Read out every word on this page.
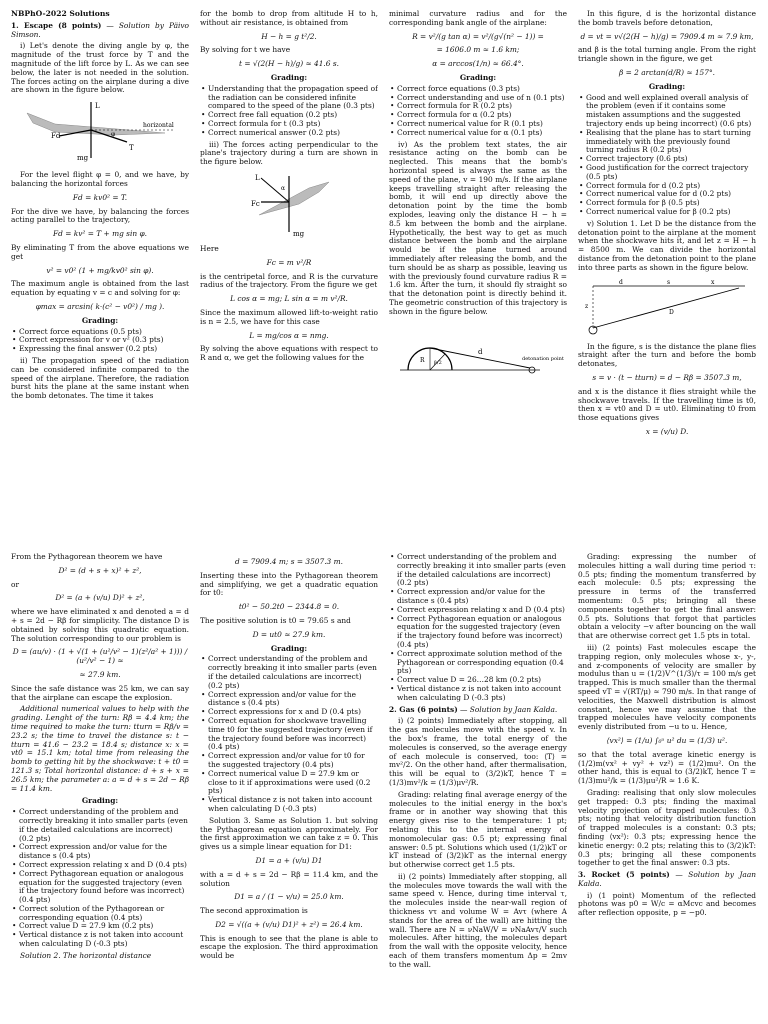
NBPhO-2022 Solutions

1. Escape (8 points) — Solution by Päivo Simson.

i) Let's denote the diving angle by φ, the magnitude of the trust force by T and the magnitude of the lift force by L. As we can see below, the later is not needed in the solution. The forces acting on the airplane during a dive are shown in the figure below.

L
Fd
horizontal
φ
mg
T

For the level flight φ = 0, and we have, by balancing the horizontal forces

Fd = kv0² = T.

For the dive we have, by balancing the forces acting parallel to the trajectory,

Fd = kv² = T + mg sin φ.

By eliminating T from the above equations we get

v² = v0² (1 + mg/kv0² sin φ).

The maximum angle is obtained from the last equation by equating v = c and solving for φ:

φmax = arcsin( k·(c² − v0²) / mg ).
Grading:
• Correct force equations (0.5 pts)
• Correct expression for v or v² (0.3 pts)
• Expressing the final answer (0.2 pts)

ii) The propagation speed of the radiation can be considered infinite compared to the speed of the airplane. Therefore, the radiation burst hits the plane at the same instant when the bomb detonates. The time it takes

for the bomb to drop from altitude H to h, without air resistance, is obtained from

H − h = g t²/2.

By solving for t we have

t = √(2(H − h)/g) ≈ 41.6 s.
Grading:
• Understanding that the propagation speed of the radiation can be considered infinite compared to the speed of the plane (0.3 pts)
• Correct free fall equation (0.2 pts)
• Correct formula for t (0.3 pts)
• Correct numerical answer (0.2 pts)

iii) The forces acting perpendicular to the plane's trajectory during a turn are shown in the figure below.

L
Fc
α
mg

Here

Fc = m v²/R

is the centripetal force, and R is the curvature radius of the trajectory. From the figure we get

L cos α = mg; L sin α = m v²/R.

Since the maximum allowed lift-to-weight ratio is n = 2.5, we have for this case

L = mg/cos α = nmg.

By solving the above equations with respect to R and α, we get the following values for the

minimal curvature radius and for the corresponding bank angle of the airplane:

R = v²/(g tan α) = v²/(g√(n² − 1)) =
= 1606.0 m ≈ 1.6 km;
α = arccos(1/n) ≈ 66.4°.
Grading:
• Correct force equations (0.3 pts)
• Correct understanding and use of n (0.1 pts)
• Correct formula for R (0.2 pts)
• Correct formula for α (0.2 pts)
• Correct numerical value for R (0.1 pts)
• Correct numerical value for α (0.1 pts)

iv) As the problem text states, the air resistance acting on the bomb can be neglected. This means that the bomb's horizontal speed is always the same as the speed of the plane, v = 190 m/s. If the airplane keeps travelling straight after releasing the bomb, it will end up directly above the detonation point by the time the bomb explodes, leaving only the distance H − h = 8.5 km between the bomb and the airplane. Hypothetically, the best way to get as much distance between the bomb and the airplane would be if the plane turned around immediately after releasing the bomb, and the turn should be as sharp as possible, leaving us with the previously found curvature radius R = 1.6 km. After the turn, it should fly straight so that the detonation point is directly behind it. The geometric construction of this trajectory is shown in the figure below.

R β/2
d
detonation point

In this figure, d is the horizontal distance the bomb travels before detonation,

d = vt = v√(2(H − h)/g) = 7909.4 m ≈ 7.9 km,

and β is the total turning angle. From the right triangle shown in the figure, we get

β = 2 arctan(d/R) ≈ 157°.
Grading:
• Good and well explained overall analysis of the problem (even if it contains some mistaken assumptions and the suggested trajectory ends up being incorrect) (0.6 pts)
• Realising that the plane has to start turning immediately with the previously found turning radius R (0.2 pts)
• Correct trajectory (0.6 pts)
• Good justification for the correct trajectory (0.5 pts)
• Correct formula for d (0.2 pts)
• Correct numerical value for d (0.2 pts)
• Correct formula for β (0.5 pts)
• Correct numerical value for β (0.2 pts)

v) Solution 1. Let D be the distance from the detonation point to the airplane at the moment when the shockwave hits it, and let z = H − h = 8500 m. We can divide the horizontal distance from the detonation point to the plane into three parts as shown in the figure below.

d	s	x
z
D

In the figure, s is the distance the plane flies straight after the turn and before the bomb detonates,

s = v · (t − tturn) = d − Rβ = 3507.3 m,

and x is the distance it flies straight while the shockwave travels. If the travelling time is t0, then x = vt0 and D = ut0. Eliminating t0 from those equations gives

x = (v/u) D.

From the Pythagorean theorem we have

D² = (d + s + x)² + z²,

or

D² = (a + (v/u) D)² + z²,

where we have eliminated x and denoted a = d + s = 2d − Rβ for simplicity. The distance D is obtained by solving this quadratic equation. The solution corresponding to our problem is

D = (au/v) · (1 + √(1 + (u²/v² − 1)(z²/a² + 1))) / (u²/v² − 1) ≈
≈ 27.9 km.

Since the safe distance was 25 km, we can say that the airplane can escape the explosion.

Additional numerical values to help with the grading. Lenght of the turn: Rβ = 4.4 km; the time required to make the turn: tturn = Rβ/v = 23.2 s; the time to travel the distance s: t − tturn = 41.6 − 23.2 = 18.4 s; distance x: x = vt0 = 15.1 km; total time from releasing the bomb to getting hit by the shockwave: t + t0 = 121.3 s; Total horizontal distance: d + s + x = 26.5 km; the parameter a: a = d + s = 2d − Rβ = 11.4 km.

Grading:
• Correct understanding of the problem and correctly breaking it into smaller parts (even if the detailed calculations are incorrect) (0.2 pts)
• Correct expression and/or value for the distance s (0.4 pts)
• Correct expression relating x and D (0.4 pts)
• Correct Pythagorean equation or analogous equation for the suggested trajectory (even if the trajectory found before was incorrect) (0.4 pts)
• Correct solution of the Pythagorean or corresponding equation (0.4 pts)
• Correct value D = 27.9 km (0.2 pts)
• Vertical distance z is not taken into account when calculating D (-0.3 pts)

Solution 2. The horizontal distance

d = 7909.4 m; s = 3507.3 m.

Inserting these into the Pythagorean theorem and simplifying, we get a quadratic equation for t0:

t0² − 50.2t0 − 2344.8 = 0.

The positive solution is t0 = 79.65 s and

D = ut0 ≈ 27.9 km.
Grading:
• Correct understanding of the problem and correctly breaking it into smaller parts (even if the detailed calculations are incorrect) (0.2 pts)
• Correct expression and/or value for the distance s (0.4 pts)
• Correct expressions for x and D (0.4 pts)
• Correct equation for shockwave travelling time t0 for the suggested trajectory (even if the trajectory found before was incorrect) (0.4 pts)
• Correct expression and/or value for t0 for the suggested trajectory (0.4 pts)
• Correct numerical value D = 27.9 km or close to it if approximations were used (0.2 pts)
• Vertical distance z is not taken into account when calculating D (-0.3 pts)

Solution 3. Same as Solution 1. but solving the Pythagorean equation approximately. For the first approximation we can take z = 0. This gives us a simple linear equation for D1:

D1 = a + (v/u) D1

with a = d + s = 2d − Rβ = 11.4 km, and the solution

D1 = a / (1 − v/u) = 25.0 km.

The second approximation is

D2 = √((a + (v/u) D1)² + z²) = 26.4 km.

This is enough to see that the plane is able to escape the explosion. The third approximation would be

• Correct understanding of the problem and correctly breaking it into smaller parts (even if the detailed calculations are incorrect) (0.2 pts)
• Correct expression and/or value for the distance s (0.4 pts)
• Correct expression relating x and D (0.4 pts)
• Correct Pythagorean equation or analogous equation for the suggested trajectory (even if the trajectory found before was incorrect) (0.4 pts)
• Correct approximate solution method of the Pythagorean or corresponding equation (0.4 pts)
• Correct value D = 26…28 km (0.2 pts)
• Vertical distance z is not taken into account when calculating D (-0.3 pts)

2. Gas (6 points) — Solution by Jaan Kalda.

i) (2 points) Immediately after stopping, all the gas molecules move with the speed v. In the box's frame, the total energy of the molecules is conserved, so the average energy of each molecule is conserved, too: ⟨T⟩ = mv²/2. On the other hand, after thermalisation, this will be equal to (3/2)kT, hence T = (1/3)mv²/k = (1/3)μv²/R.

Grading: relating final average energy of the molecules to the initial energy in the box's frame or in another way showing that this energy gives rise to the temperature: 1 pt; relating this to the internal energy of monomolecular gas: 0.5 pt; expressing final answer: 0.5 pt. Solutions which used (1/2)kT or kT instead of (3/2)kT as the internal energy but otherwise correct get 1.5 pts.

ii) (2 points) Immediately after stopping, all the molecules move towards the wall with the same speed v. Hence, during time interval τ, the molecules inside the near-wall region of thickness vτ and volume W = Avτ (where A stands for the area of the wall) are hitting the wall. There are N = νNaW/V = νNaAvτ/V such molecules. After hitting, the molecules depart from the wall with the opposite velocity, hence each of them transfers momentum Δp = 2mv to the wall.

Grading: expressing the number of molecules hitting a wall during time period τ: 0.5 pts; finding the momentum transferred by each molecule: 0.5 pts; expressing the pressure in terms of the transferred momentum: 0.5 pts; bringing all these components together to get the final answer: 0.5 pts. Solutions that forgot that particles obtain a velocity −v after bouncing on the wall that are otherwise correct get 1.5 pts in total.

iii) (2 points) Fast molecules escape the trapping region, only molecules whose x-, y-, and z-components of velocity are smaller by modulus than u = (1/2)V^(1/3)/τ = 100 m/s get trapped. This is much smaller than the thermal speed vT = √(RT/μ) ≈ 790 m/s. In that range of velocities, the Maxwell distribution is almost constant, hence we may assume that the trapped molecules have velocity components evenly distributed from −u to u. Hence,

⟨vx²⟩ = (1/u) ∫₀ᵘ u² du = (1/3) u².

so that the total average kinetic energy is (1/2)m(vx² + vy² + vz²) = (1/2)mu². On the other hand, this is equal to (3/2)kT, hence T = (1/3)mu²/k = (1/3)μu²/R ≈ 1.6 K.

Grading: realising that only slow molecules get trapped: 0.3 pts; finding the maximal velocity projection of trapped molecules: 0.3 pts; noting that velocity distribution function of trapped molecules is a constant: 0.3 pts; finding ⟨vx²⟩: 0.3 pts; expressing hence the kinetic energy: 0.2 pts; relating this to (3/2)kT: 0.3 pts; bringing all these components together to get the final answer: 0.3 pts.

3. Rocket (5 points) — Solution by Jaan Kalda.

i) (1 point) Momentum of the reflected photons was p0 = W/c = αMcvc and becomes after reflection opposite, p = −p0.
